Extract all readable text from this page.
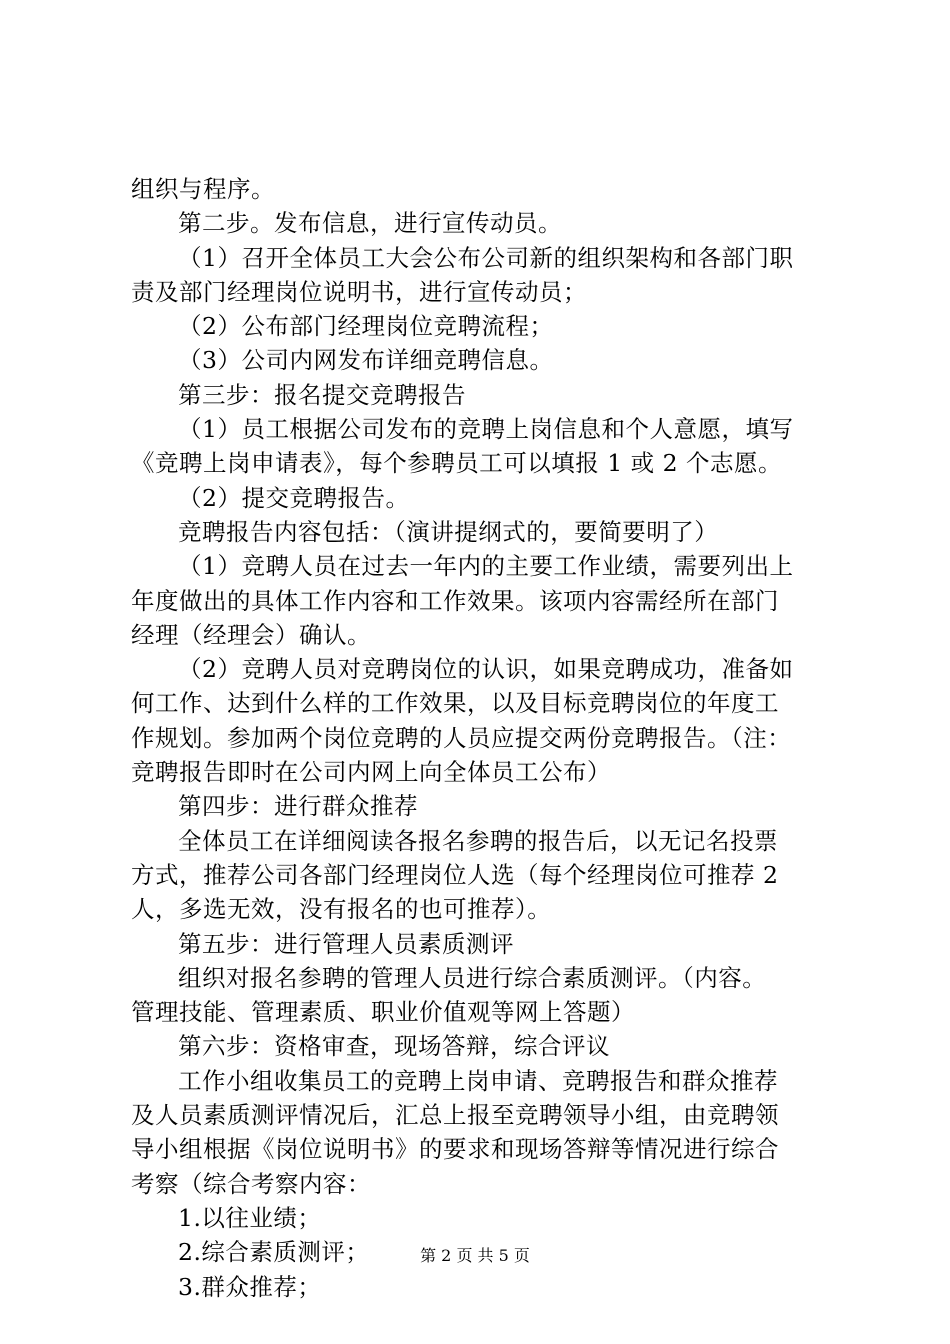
组织与程序。
第二步。发布信息，进行宣传动员。
（1）召开全体员工大会公布公司新的组织架构和各部门职
责及部门经理岗位说明书，进行宣传动员；
（2）公布部门经理岗位竞聘流程；
（3）公司内网发布详细竞聘信息。
第三步：报名提交竞聘报告
（1）员工根据公司发布的竞聘上岗信息和个人意愿，填写
《竞聘上岗申请表》，每个参聘员工可以填报 1 或 2 个志愿。
（2）提交竞聘报告。
竞聘报告内容包括：（演讲提纲式的，要简要明了）
（1）竞聘人员在过去一年内的主要工作业绩，需要列出上
年度做出的具体工作内容和工作效果。该项内容需经所在部门
经理（经理会）确认。
（2）竞聘人员对竞聘岗位的认识，如果竞聘成功，准备如
何工作、达到什么样的工作效果，以及目标竞聘岗位的年度工
作规划。参加两个岗位竞聘的人员应提交两份竞聘报告。（注：
竞聘报告即时在公司内网上向全体员工公布）
第四步：进行群众推荐
全体员工在详细阅读各报名参聘的报告后，以无记名投票
方式，推荐公司各部门经理岗位人选（每个经理岗位可推荐 2
人，多选无效，没有报名的也可推荐）。
第五步：进行管理人员素质测评
组织对报名参聘的管理人员进行综合素质测评。（内容。
管理技能、管理素质、职业价值观等网上答题）
第六步：资格审查，现场答辩，综合评议
工作小组收集员工的竞聘上岗申请、竞聘报告和群众推荐
及人员素质测评情况后，汇总上报至竞聘领导小组，由竞聘领
导小组根据《岗位说明书》的要求和现场答辩等情况进行综合
考察（综合考察内容：
1.以往业绩；
2.综合素质测评；
3.群众推荐；
第 2 页 共 5 页
